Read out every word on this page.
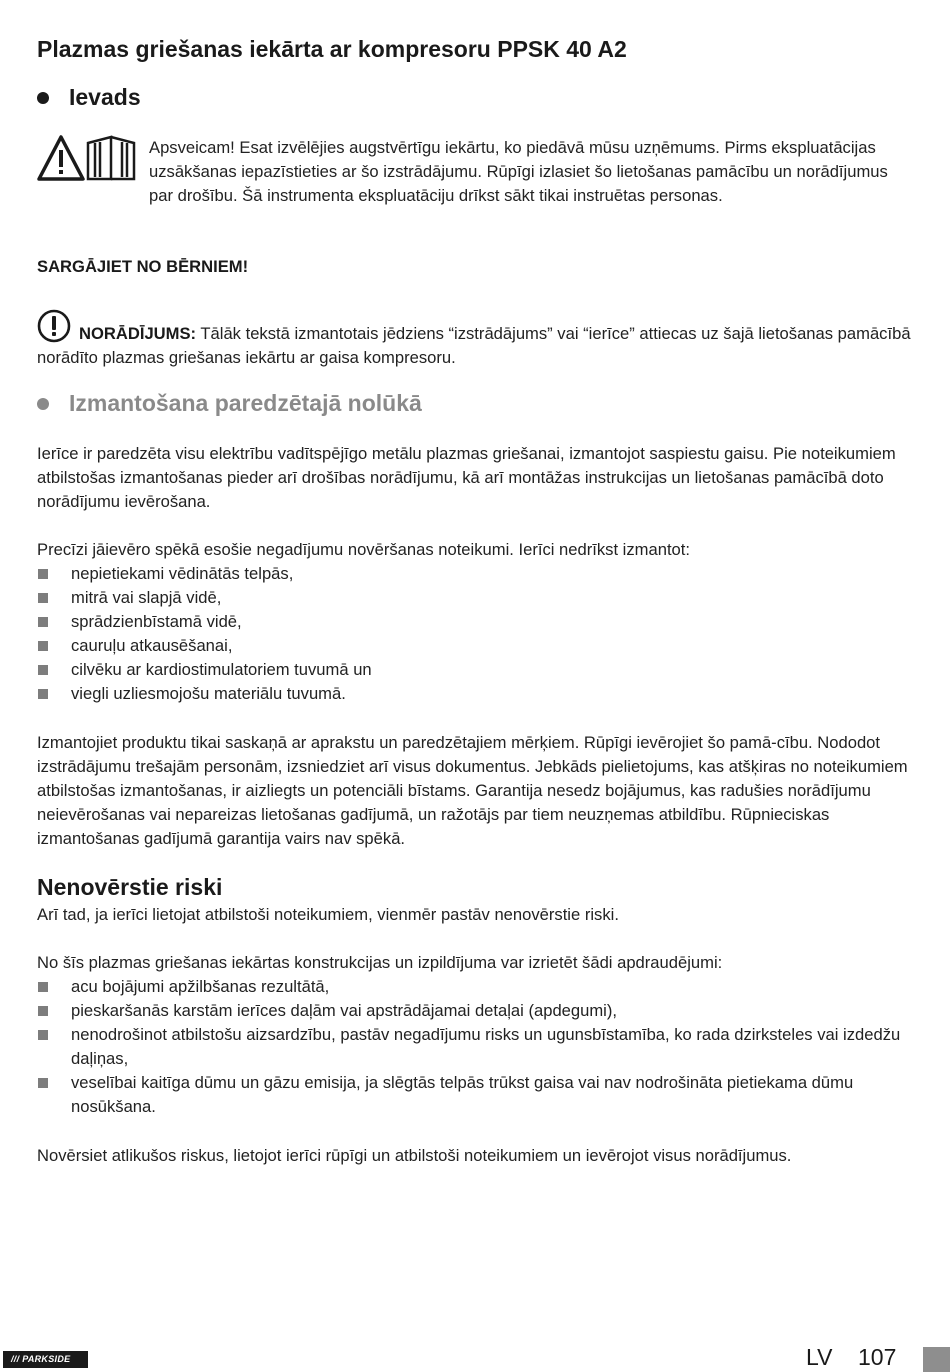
Plazmas griešanas iekārta ar kompresoru PPSK 40 A2
Ievads

Apsveicam! Esat izvēlējies augstvērtīgu iekārtu, ko piedāvā mūsu uzņēmums. Pirms ekspluatācijas uzsākšanas iepazīstieties ar šo izstrādājumu. Rūpīgi izlasiet šo lietošanas pamācību un norādījumus par drošību. Šā instrumenta ekspluatāciju drīkst sākt tikai instruētas personas.

SARGĀJIET NO BĒRNIEM!

NORĀDĪJUMS: Tālāk tekstā izmantotais jēdziens “izstrādājums” vai “ierīce” attiecas uz šajā lietošanas pamācībā norādīto plazmas griešanas iekārtu ar gaisa kompresoru.

Izmantošana paredzētajā nolūkā

Ierīce ir paredzēta visu elektrību vadītspējīgo metālu plazmas griešanai, izmantojot saspiestu gaisu. Pie noteikumiem atbilstošas izmantošanas pieder arī drošības norādījumu, kā arī montāžas instrukcijas un lietošanas pamācībā doto norādījumu ievērošana.

Precīzi jāievēro spēkā esošie negadījumu novēršanas noteikumi. Ierīci nedrīkst izmantot:

nepietiekami vēdinātās telpās,
mitrā vai slapjā vidē,
sprādzienbīstamā vidē,
cauruļu atkausēšanai,
cilvēku ar kardiostimulatoriem tuvumā un
viegli uzliesmojošu materiālu tuvumā.

Izmantojiet produktu tikai saskaņā ar aprakstu un paredzētajiem mērķiem. Rūpīgi ievērojiet šo pamā-cību. Nododot izstrādājumu trešajām personām, izsniedziet arī visus dokumentus. Jebkāds pielietojums, kas atšķiras no noteikumiem atbilstošas izmantošanas, ir aizliegts un potenciāli bīstams. Garantija nesedz bojājumus, kas radušies norādījumu neievērošanas vai nepareizas lietošanas gadījumā, un ražotājs par tiem neuzņemas atbildību. Rūpnieciskas izmantošanas gadījumā garantija vairs nav spēkā.

Nenovērstie riski

Arī tad, ja ierīci lietojat atbilstoši noteikumiem, vienmēr pastāv nenovērstie riski.

No šīs plazmas griešanas iekārtas konstrukcijas un izpildījuma var izrietēt šādi apdraudējumi:

acu bojājumi apžilbšanas rezultātā,
pieskaršanās karstām ierīces daļām vai apstrādājamai detaļai (apdegumi),
nenodrošinot atbilstošu aizsardzību, pastāv negadījumu risks un ugunsbīstamība, ko rada dzirksteles vai izdedžu daļiņas,
veselībai kaitīga dūmu un gāzu emisija, ja slēgtās telpās trūkst gaisa vai nav nodrošināta pietiekama dūmu nosūkšana.

Novērsiet atlikušos riskus, lietojot ierīci rūpīgi un atbilstoši noteikumiem un ievērojot visus norādījumus.

/// PARKSIDE	LV 107
